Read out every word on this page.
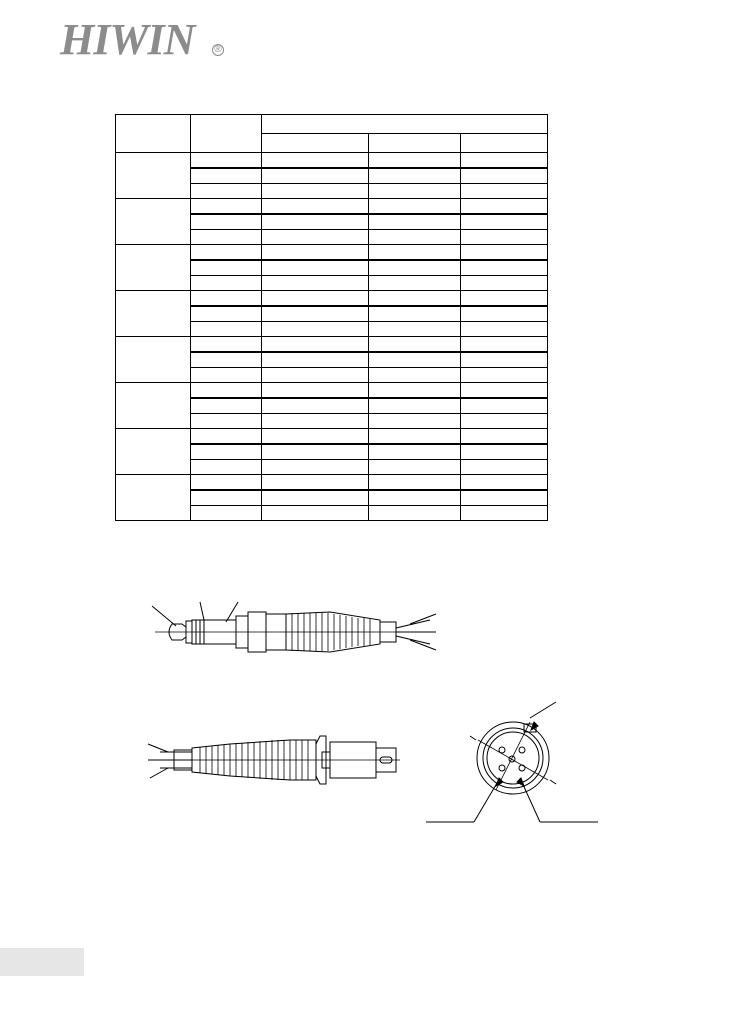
HIWIN ®
